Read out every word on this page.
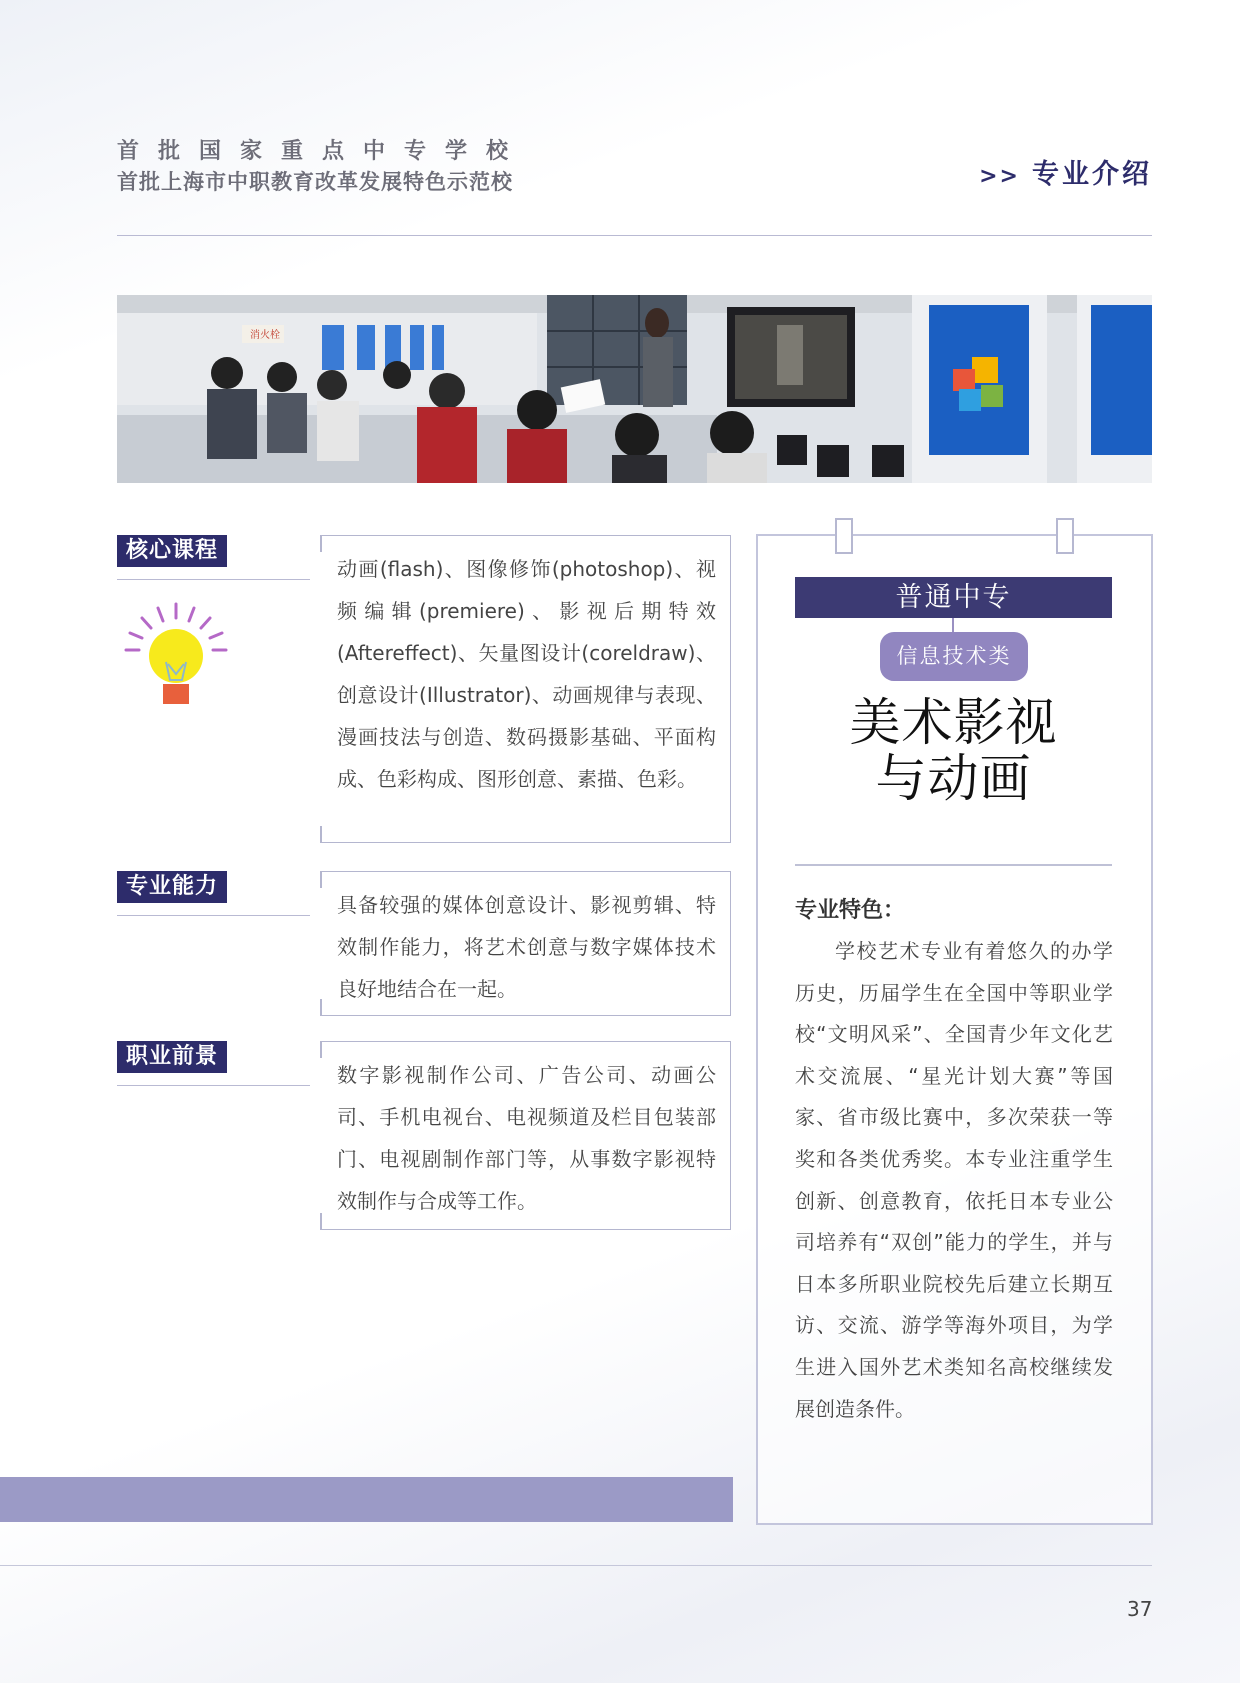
首批国家重点中专学校
首批上海市中职教育改革发展特色示范校	>> 专业介绍
消火栓
核心课程

动画(flash)、图像修饰(photoshop)、视频编辑(premiere)、影视后期特效(Aftereffect)、矢量图设计(coreldraw)、创意设计(Illustrator)、动画规律与表现、漫画技法与创造、数码摄影基础、平面构成、色彩构成、图形创意、素描、色彩。

专业能力

具备较强的媒体创意设计、影视剪辑、特效制作能力，将艺术创意与数字媒体技术良好地结合在一起。

职业前景

数字影视制作公司、广告公司、动画公司、手机电视台、电视频道及栏目包装部门、电视剧制作部门等，从事数字影视特效制作与合成等工作。

普通中专
信息技术类
美术影视
与动画
专业特色：

学校艺术专业有着悠久的办学历史，历届学生在全国中等职业学校“文明风采”、全国青少年文化艺术交流展、“星光计划大赛”等国家、省市级比赛中，多次荣获一等奖和各类优秀奖。本专业注重学生创新、创意教育，依托日本专业公司培养有“双创”能力的学生，并与日本多所职业院校先后建立长期互访、交流、游学等海外项目，为学生进入国外艺术类知名高校继续发展创造条件。

37
